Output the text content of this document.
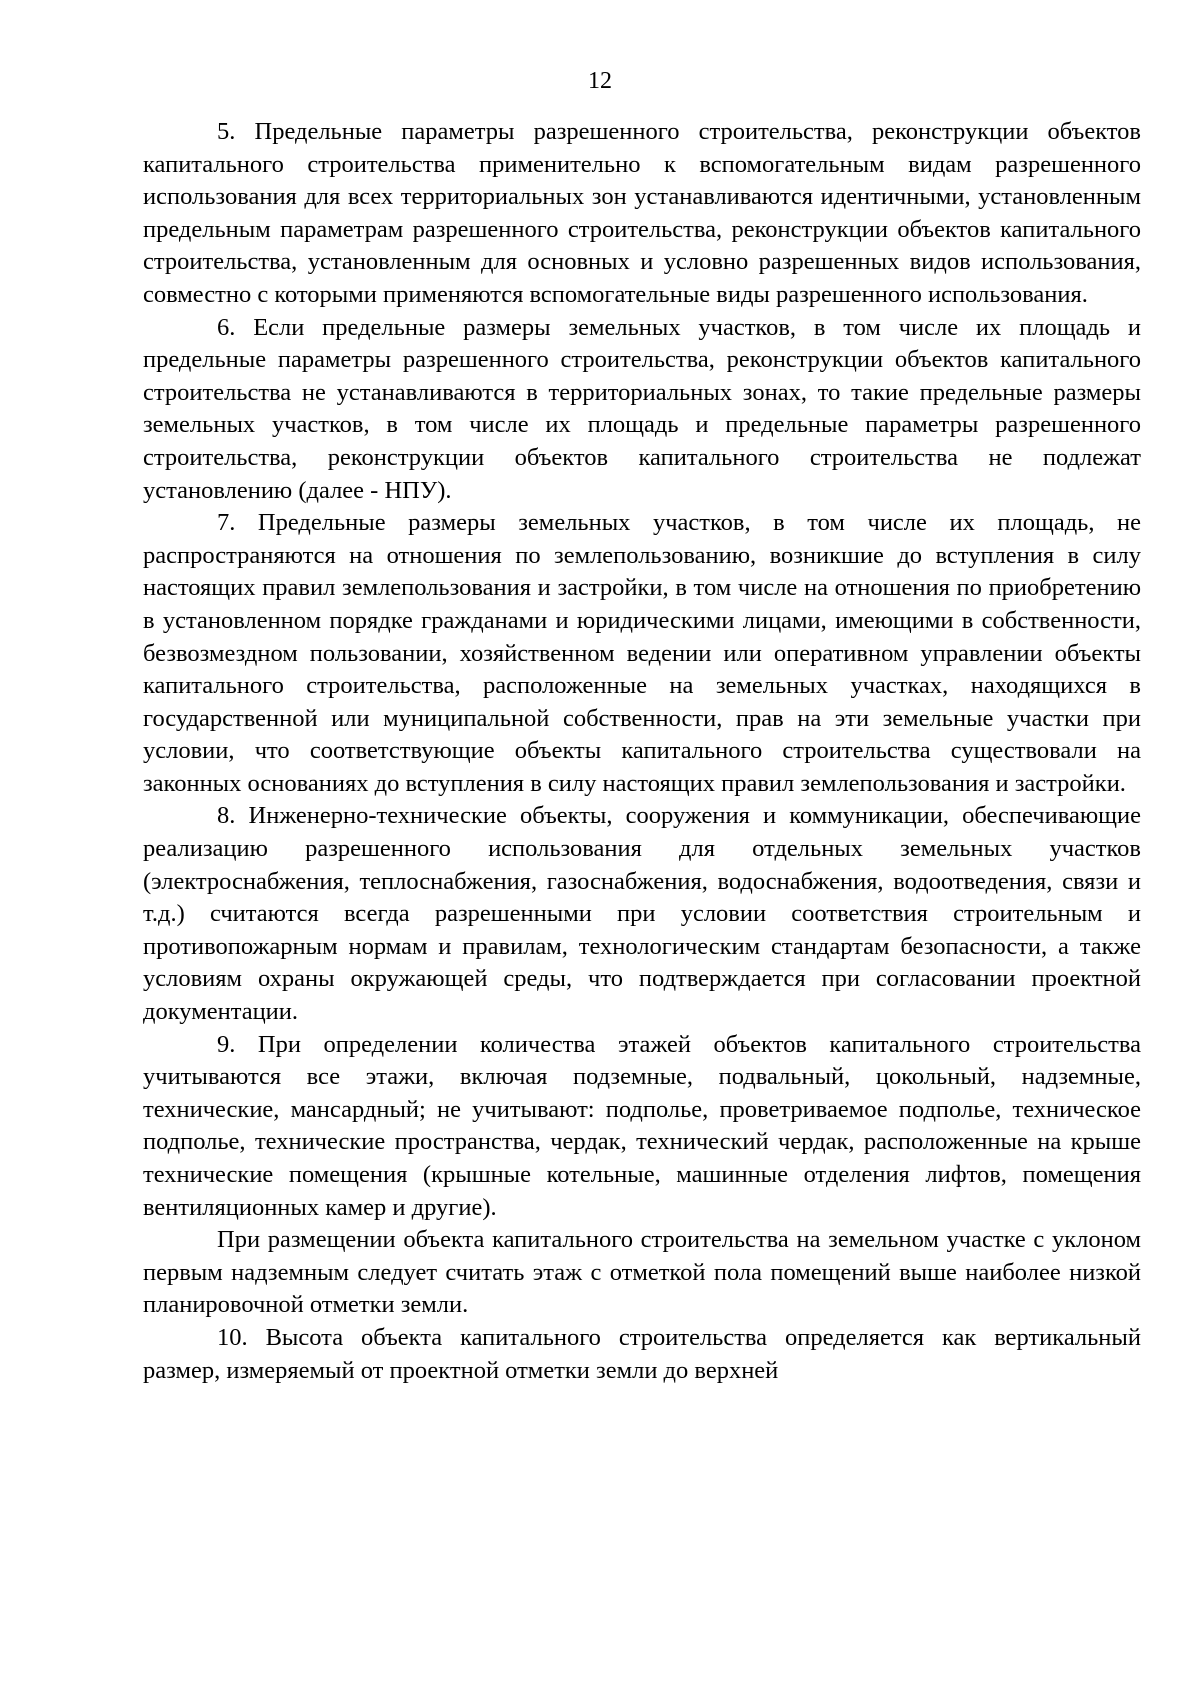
12

5. Предельные параметры разрешенного строительства, реконструкции объектов капитального строительства применительно к вспомогательным видам разрешенного использования для всех территориальных зон устанавливаются идентичными, установленным предельным параметрам разрешенного строительства, реконструкции объектов капитального строительства, установленным для основных и условно разрешенных видов использования, совместно с которыми применяются вспомогательные виды разрешенного использования.

6. Если предельные размеры земельных участков, в том числе их площадь и предельные параметры разрешенного строительства, реконструкции объектов капитального строительства не устанавливаются в территориальных зонах, то такие предельные размеры земельных участков, в том числе их площадь и предельные параметры разрешенного строительства, реконструкции объектов капитального строительства не подлежат установлению (далее - НПУ).

7. Предельные размеры земельных участков, в том числе их площадь, не распространяются на отношения по землепользованию, возникшие до вступления в силу настоящих правил землепользования и застройки, в том числе на отношения по приобретению в установленном порядке гражданами и юридическими лицами, имеющими в собственности, безвозмездном пользовании, хозяйственном ведении или оперативном управлении объекты капитального строительства, расположенные на земельных участках, находящихся в государственной или муниципальной собственности, прав на эти земельные участки при условии, что соответствующие объекты капитального строительства существовали на законных основаниях до вступления в силу настоящих правил землепользования и застройки.

8. Инженерно-технические объекты, сооружения и коммуникации, обеспечивающие реализацию разрешенного использования для отдельных земельных участков (электроснабжения, теплоснабжения, газоснабжения, водоснабжения, водоотведения, связи и т.д.) считаются всегда разрешенными при условии соответствия строительным и противопожарным нормам и правилам, технологическим стандартам безопасности, а также условиям охраны окружающей среды, что подтверждается при согласовании проектной документации.

9. При определении количества этажей объектов капитального строительства учитываются все этажи, включая подземные, подвальный, цокольный, надземные, технические, мансардный; не учитывают: подполье, проветриваемое подполье, техническое подполье, технические пространства, чердак, технический чердак, расположенные на крыше технические помещения (крышные котельные, машинные отделения лифтов, помещения вентиляционных камер и другие).

При размещении объекта капитального строительства на земельном участке с уклоном первым надземным следует считать этаж с отметкой пола помещений выше наиболее низкой планировочной отметки земли.

10. Высота объекта капитального строительства определяется как вертикальный размер, измеряемый от проектной отметки земли до верхней
